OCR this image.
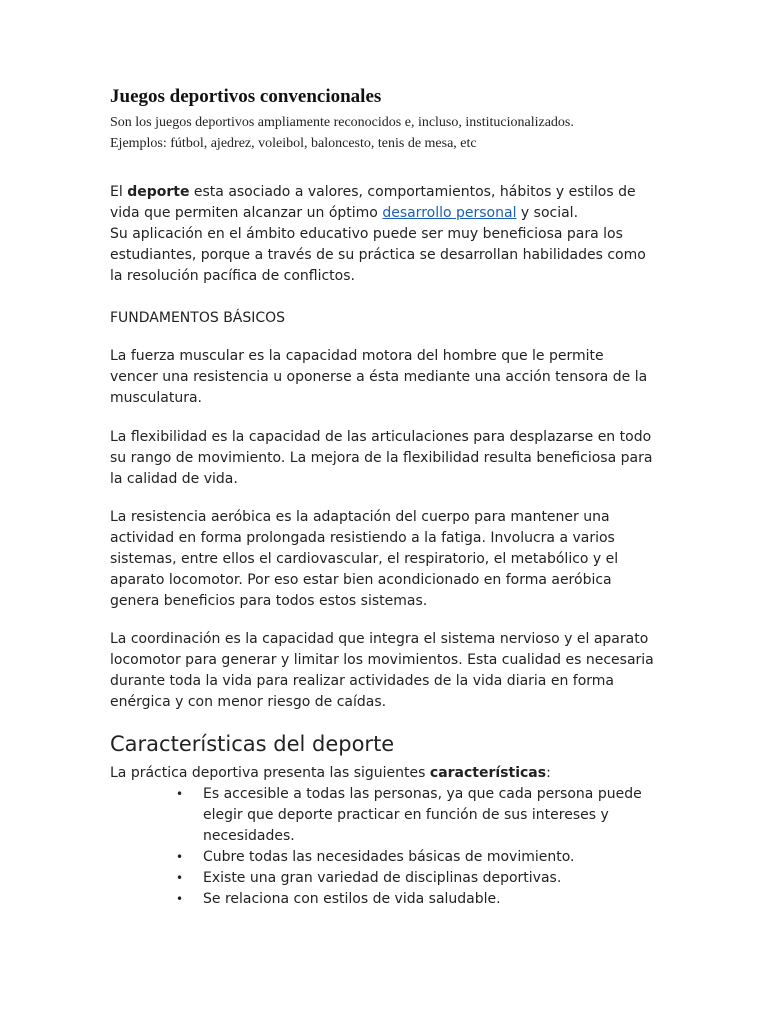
Juegos deportivos convencionales

Son los juegos deportivos ampliamente reconocidos e, incluso, institucionalizados. Ejemplos: fútbol, ajedrez, voleibol, baloncesto, tenis de mesa, etc

El deporte esta asociado a valores, comportamientos, hábitos y estilos de vida que permiten alcanzar un óptimo desarrollo personal y social.
Su aplicación en el ámbito educativo puede ser muy beneficiosa para los estudiantes, porque a través de su práctica se desarrollan habilidades como la resolución pacífica de conflictos.

FUNDAMENTOS BÁSICOS

La fuerza muscular es la capacidad motora del hombre que le permite vencer una resistencia u oponerse a ésta mediante una acción tensora de la musculatura.

La flexibilidad es la capacidad de las articulaciones para desplazarse en todo su rango de movimiento. La mejora de la flexibilidad resulta beneficiosa para la calidad de vida.

La resistencia aeróbica es la adaptación del cuerpo para mantener una actividad en forma prolongada resistiendo a la fatiga. Involucra a varios sistemas, entre ellos el cardiovascular, el respiratorio, el metabólico y el aparato locomotor. Por eso estar bien acondicionado en forma aeróbica genera beneficios para todos estos sistemas.

La coordinación es la capacidad que integra el sistema nervioso y el aparato locomotor para generar y limitar los movimientos. Esta cualidad es necesaria durante toda la vida para realizar actividades de la vida diaria en forma enérgica y con menor riesgo de caídas.

Características del deporte

La práctica deportiva presenta las siguientes características:

• Es accesible a todas las personas, ya que cada persona puede elegir que deporte practicar en función de sus intereses y necesidades.
• Cubre todas las necesidades básicas de movimiento.
• Existe una gran variedad de disciplinas deportivas.
• Se relaciona con estilos de vida saludable.
